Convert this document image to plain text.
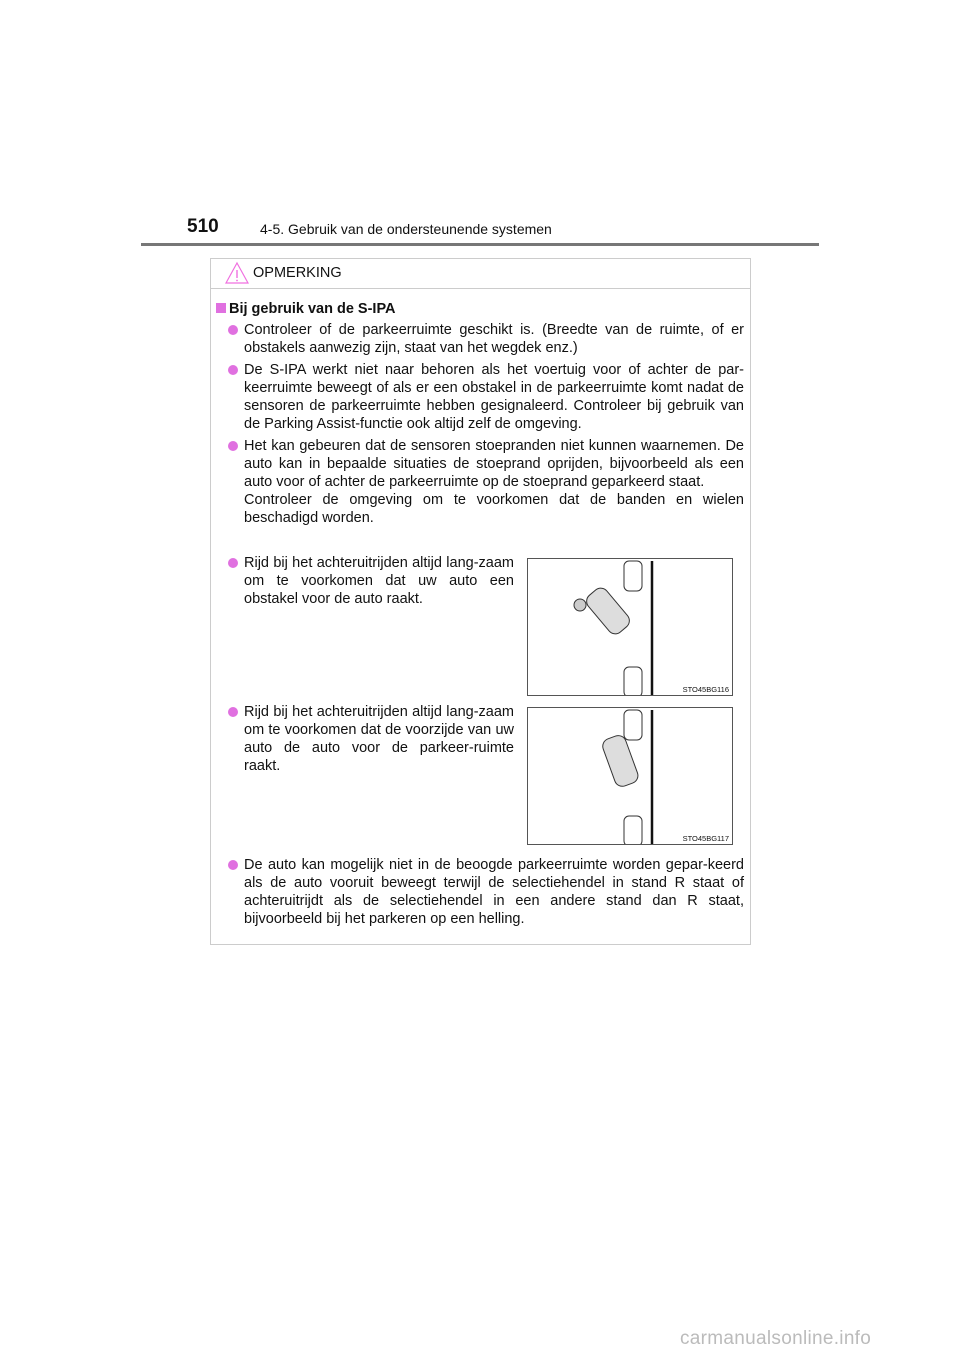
510	4-5. Gebruik van de ondersteunende systemen
OPMERKING
Bij gebruik van de S-IPA
Controleer of de parkeerruimte geschikt is. (Breedte van de ruimte, of er obstakels aanwezig zijn, staat van het wegdek enz.)
De S-IPA werkt niet naar behoren als het voertuig voor of achter de par-keerruimte beweegt of als er een obstakel in de parkeerruimte komt nadat de sensoren de parkeerruimte hebben gesignaleerd. Controleer bij gebruik van de Parking Assist-functie ook altijd zelf de omgeving.
Het kan gebeuren dat de sensoren stoepranden niet kunnen waarnemen. De auto kan in bepaalde situaties de stoeprand oprijden, bijvoorbeeld als een auto voor of achter de parkeerruimte op de stoeprand geparkeerd staat.
Controleer de omgeving om te voorkomen dat de banden en wielen beschadigd worden.
Rijd bij het achteruitrijden altijd lang-zaam om te voorkomen dat uw auto een obstakel voor de auto raakt.
STO45BG116
Rijd bij het achteruitrijden altijd lang-zaam om te voorkomen dat de voorzijde van uw auto de auto voor de parkeer-ruimte raakt.
STO45BG117
De auto kan mogelijk niet in de beoogde parkeerruimte worden gepar-keerd als de auto vooruit beweegt terwijl de selectiehendel in stand R staat of achteruitrijdt als de selectiehendel in een andere stand dan R staat, bijvoorbeeld bij het parkeren op een helling.
carmanualsonline.info
